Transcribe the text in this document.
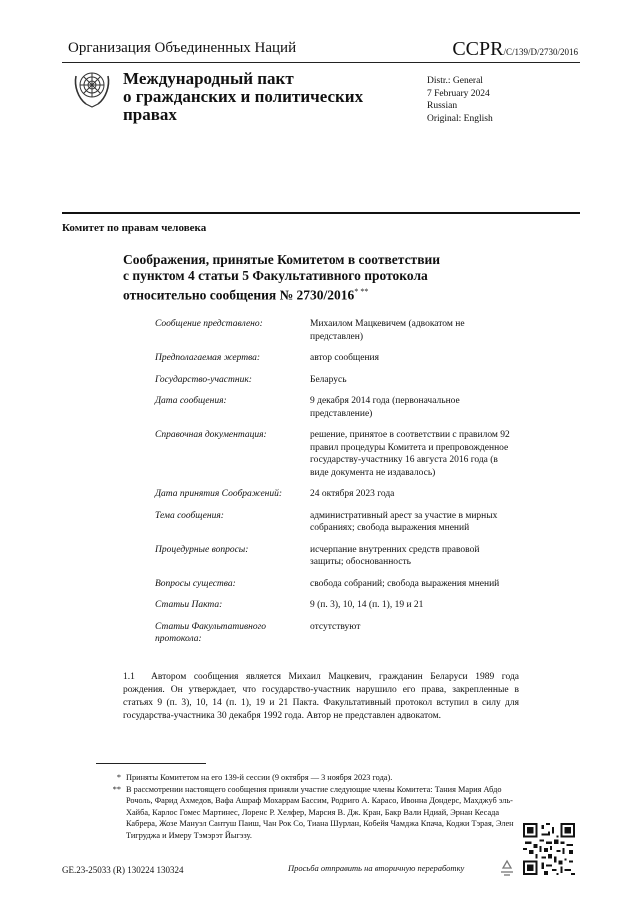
Организация Объединенных Наций	CCPR/C/139/D/2730/2016
Международный пакт
о гражданских и политических
правах
Distr.: General
7 February 2024
Russian
Original: English
Комитет по правам человека
Соображения, принятые Комитетом в соответствии
с пунктом 4 статьи 5 Факультативного протокола
относительно сообщения № 2730/2016* **
Сообщение представлено:	Михаилом Мацкевичем (адвокатом не представлен)
Предполагаемая жертва:	автор сообщения
Государство-участник:	Беларусь
Дата сообщения:	9 декабря 2014 года (первоначальное представление)
Справочная документация:	решение, принятое в соответствии с правилом 92 правил процедуры Комитета и препровожденное государству-участнику 16 августа 2016 года (в виде документа не издавалось)
Дата принятия Соображений:	24 октября 2023 года
Тема сообщения:	административный арест за участие в мирных собраниях; свобода выражения мнений
Процедурные вопросы:	исчерпание внутренних средств правовой защиты; обоснованность
Вопросы существа:	свобода собраний; свобода выражения мнений
Статьи Пакта:	9 (п. 3), 10, 14 (п. 1), 19 и 21
Статьи Факультативного протокола:
отсутствуют
1.1 Автором сообщения является Михаил Мацкевич, гражданин Беларуси 1989 года рождения. Он утверждает, что государство-участник нарушило его права, закрепленные в статьях 9 (п. 3), 10, 14 (п. 1), 19 и 21 Пакта. Факультативный протокол вступил в силу для государства-участника 30 декабря 1992 года. Автор не представлен адвокатом.
* Приняты Комитетом на его 139-й сессии (9 октября — 3 ноября 2023 года).
** В рассмотрении настоящего сообщения приняли участие следующие члены Комитета: Тания Мария Абдо Рочоль, Фарид Ахмедов, Вафа Ашраф Мохаррам Бассим, Родриго А. Карасо, Ивонна Дондерс, Махджуб эль-Хайба, Карлос Гомес Мартинес, Лоренс Р. Хелфер, Марсия В. Дж. Кран, Бакр Вали Ндиай, Эрнан Кесада Кабрера, Жозе Мануэл Сантуш Паиш, Чан Рок Со, Тиана Шурлан, Кобейя Чамджа Кпача, Коджи Тэрая, Элен Тигруджа и Имеру Тэмэрэт Йыгэзу.
GE.23-25033 (R) 130224 130324	Просьба отправить на вторичную переработку
